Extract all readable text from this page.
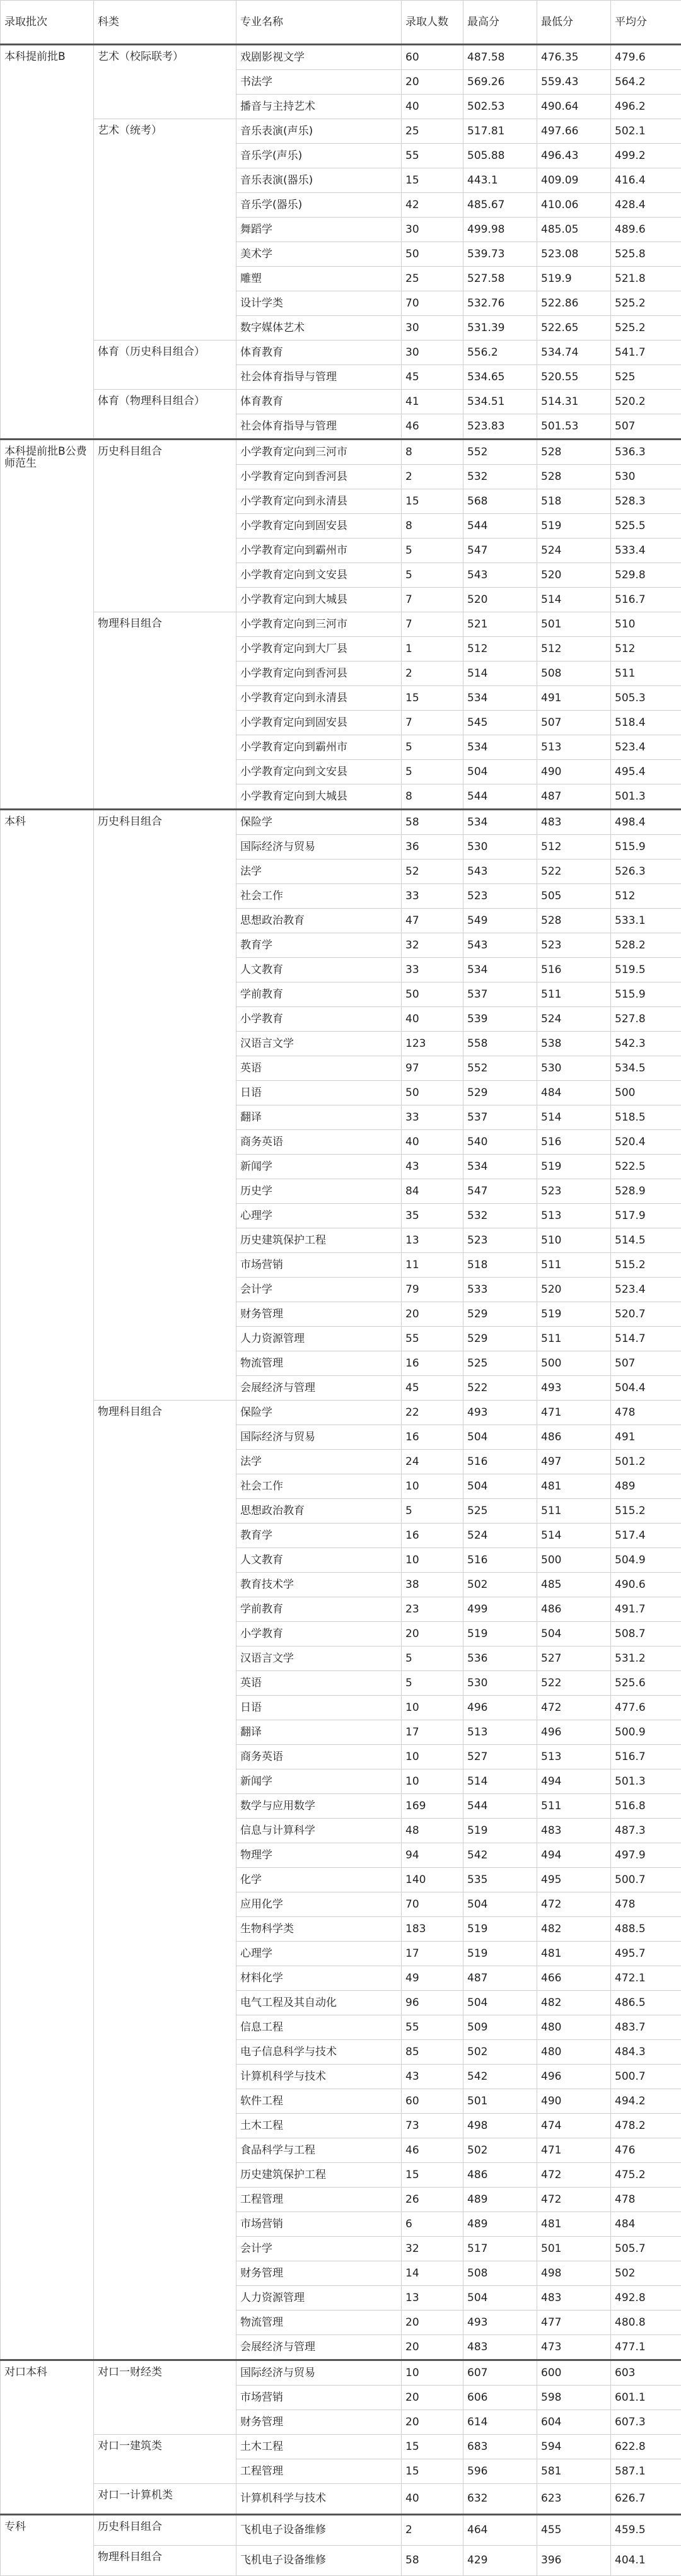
录取批次	科类	专业名称	录取人数	最高分	最低分	平均分
本科提前批B	艺术（校际联考）	戏剧影视文学	60	487.58	476.35	479.6
		书法学	20	569.26	559.43	564.2
		播音与主持艺术	40	502.53	490.64	496.2
	艺术（统考）	音乐表演(声乐)	25	517.81	497.66	502.1
		音乐学(声乐)	55	505.88	496.43	499.2
		音乐表演(器乐)	15	443.1	409.09	416.4
		音乐学(器乐)	42	485.67	410.06	428.4
		舞蹈学	30	499.98	485.05	489.6
		美术学	50	539.73	523.08	525.8
		雕塑	25	527.58	519.9	521.8
		设计学类	70	532.76	522.86	525.2
		数字媒体艺术	30	531.39	522.65	525.2
	体育（历史科目组合）	体育教育	30	556.2	534.74	541.7
		社会体育指导与管理	45	534.65	520.55	525
	体育（物理科目组合）	体育教育	41	534.51	514.31	520.2
		社会体育指导与管理	46	523.83	501.53	507
本科提前批B公费师范生	历史科目组合	小学教育定向到三河市	8	552	528	536.3
		小学教育定向到香河县	2	532	528	530
		小学教育定向到永清县	15	568	518	528.3
		小学教育定向到固安县	8	544	519	525.5
		小学教育定向到霸州市	5	547	524	533.4
		小学教育定向到文安县	5	543	520	529.8
		小学教育定向到大城县	7	520	514	516.7
	物理科目组合	小学教育定向到三河市	7	521	501	510
		小学教育定向到大厂县	1	512	512	512
		小学教育定向到香河县	2	514	508	511
		小学教育定向到永清县	15	534	491	505.3
		小学教育定向到固安县	7	545	507	518.4
		小学教育定向到霸州市	5	534	513	523.4
		小学教育定向到文安县	5	504	490	495.4
		小学教育定向到大城县	8	544	487	501.3
本科	历史科目组合	保险学	58	534	483	498.4
		国际经济与贸易	36	530	512	515.9
		法学	52	543	522	526.3
		社会工作	33	523	505	512
		思想政治教育	47	549	528	533.1
		教育学	32	543	523	528.2
		人文教育	33	534	516	519.5
		学前教育	50	537	511	515.9
		小学教育	40	539	524	527.8
		汉语言文学	123	558	538	542.3
		英语	97	552	530	534.5
		日语	50	529	484	500
		翻译	33	537	514	518.5
		商务英语	40	540	516	520.4
		新闻学	43	534	519	522.5
		历史学	84	547	523	528.9
		心理学	35	532	513	517.9
		历史建筑保护工程	13	523	510	514.5
		市场营销	11	518	511	515.2
		会计学	79	533	520	523.4
		财务管理	20	529	519	520.7
		人力资源管理	55	529	511	514.7
		物流管理	16	525	500	507
		会展经济与管理	45	522	493	504.4
	物理科目组合	保险学	22	493	471	478
		国际经济与贸易	16	504	486	491
		法学	24	516	497	501.2
		社会工作	10	504	481	489
		思想政治教育	5	525	511	515.2
		教育学	16	524	514	517.4
		人文教育	10	516	500	504.9
		教育技术学	38	502	485	490.6
		学前教育	23	499	486	491.7
		小学教育	20	519	504	508.7
		汉语言文学	5	536	527	531.2
		英语	5	530	522	525.6
		日语	10	496	472	477.6
		翻译	17	513	496	500.9
		商务英语	10	527	513	516.7
		新闻学	10	514	494	501.3
		数学与应用数学	169	544	511	516.8
		信息与计算科学	48	519	483	487.3
		物理学	94	542	494	497.9
		化学	140	535	495	500.7
		应用化学	70	504	472	478
		生物科学类	183	519	482	488.5
		心理学	17	519	481	495.7
		材料化学	49	487	466	472.1
		电气工程及其自动化	96	504	482	486.5
		信息工程	55	509	480	483.7
		电子信息科学与技术	85	502	480	484.3
		计算机科学与技术	43	542	496	500.7
		软件工程	60	501	490	494.2
		土木工程	73	498	474	478.2
		食品科学与工程	46	502	471	476
		历史建筑保护工程	15	486	472	475.2
		工程管理	26	489	472	478
		市场营销	6	489	481	484
		会计学	32	517	501	505.7
		财务管理	14	508	498	502
		人力资源管理	13	504	483	492.8
		物流管理	20	493	477	480.8
		会展经济与管理	20	483	473	477.1
对口本科	对口一财经类	国际经济与贸易	10	607	600	603
		市场营销	20	606	598	601.1
		财务管理	20	614	604	607.3
	对口一建筑类	土木工程	15	683	594	622.8
		工程管理	15	596	581	587.1
	对口一计算机类	计算机科学与技术	40	632	623	626.7
专科	历史科目组合	飞机电子设备维修	2	464	455	459.5
	物理科目组合	飞机电子设备维修	58	429	396	404.1
